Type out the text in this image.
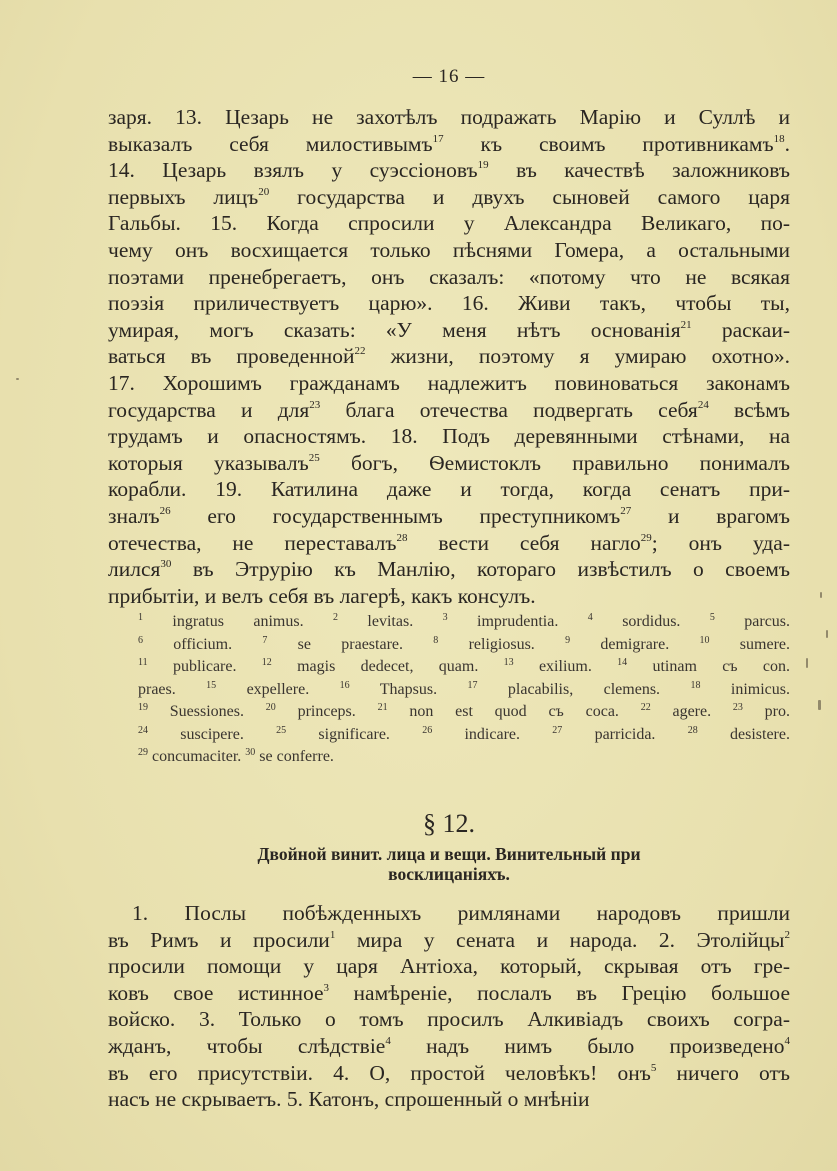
— 16 —
заря. 13. Цезарь не захотѣлъ подражать Марію и Суллѣ и
выказалъ себя милостивымъ$^{17}$ къ своимъ противникамъ$^{18}$.
14. Цезарь взялъ у суэссіоновъ$^{19}$ въ качествѣ заложниковъ
первыхъ лицъ$^{20}$ государства и двухъ сыновей самого царя
Гальбы. 15. Когда спросили у Александра Великаго, по-
чему онъ восхищается только пѣснями Гомера, а остальными
поэтами пренебрегаетъ, онъ сказалъ: «потому что не всякая
поэзія приличествуетъ царю». 16. Живи такъ, чтобы ты,
умирая, могъ сказать: «У меня нѣтъ основанія$^{21}$ раскаи-
ваться въ проведенной$^{22}$ жизни, поэтому я умираю охотно».
17. Хорошимъ гражданамъ надлежитъ повиноваться законамъ
государства и для$^{23}$ блага отечества подвергать себя$^{24}$ всѣмъ
трудамъ и опасностямъ. 18. Подъ деревянными стѣнами, на
которыя указывалъ$^{25}$ богъ, Ѳемистоклъ правильно понималъ
корабли. 19. Катилина даже и тогда, когда сенатъ при-
зналъ$^{26}$ его государственнымъ преступникомъ$^{27}$ и врагомъ
отечества, не переставалъ$^{28}$ вести себя нагло$^{29}$; онъ уда-
лился$^{30}$ въ Этрурію къ Манлію, котораго извѣстилъ о своемъ
прибытіи, и велъ себя въ лагерѣ, какъ консулъ.
$^1$ ingratus animus. $^2$ levitas. $^3$ imprudentia. $^4$ sordidus. $^5$ parcus.
$^6$ officium. $^7$ se praestare. $^8$ religiosus. $^9$ demigrare. $^{10}$ sumere.
$^{11}$ publicare. $^{12}$ magis dedecet, quam. $^{13}$ exilium. $^{14}$ utinam съ con.
praes. $^{15}$ expellere. $^{16}$ Thapsus. $^{17}$ placabilis, clemens. $^{18}$ inimicus.
$^{19}$ Suessiones. $^{20}$ princeps. $^{21}$ non est quod съ coca. $^{22}$ agere. $^{23}$ pro.
$^{24}$ suscipere. $^{25}$ significare. $^{26}$ indicare. $^{27}$ parricida. $^{28}$ desistere.
$^{29}$ concumaciter. $^{30}$ se conferre.
§ 12.
Двойной винит. лица и вещи. Винительный при
восклицаніяхъ.
1. Послы побѣжденныхъ римлянами народовъ пришли
въ Римъ и просили$^1$ мира у сената и народа. 2. Этолійцы$^2$
просили помощи у царя Антіоха, который, скрывая отъ гре-
ковъ свое истинное$^3$ намѣреніе, послалъ въ Грецію большое
войско. 3. Только о томъ просилъ Алкивіадъ своихъ согра-
жданъ, чтобы слѣдствіе$^4$ надъ нимъ было произведено$^4$
въ его присутствіи. 4. О, простой человѣкъ! онъ$^5$ ничего отъ
насъ не скрываетъ. 5. Катонъ, спрошенный о мнѣніи
